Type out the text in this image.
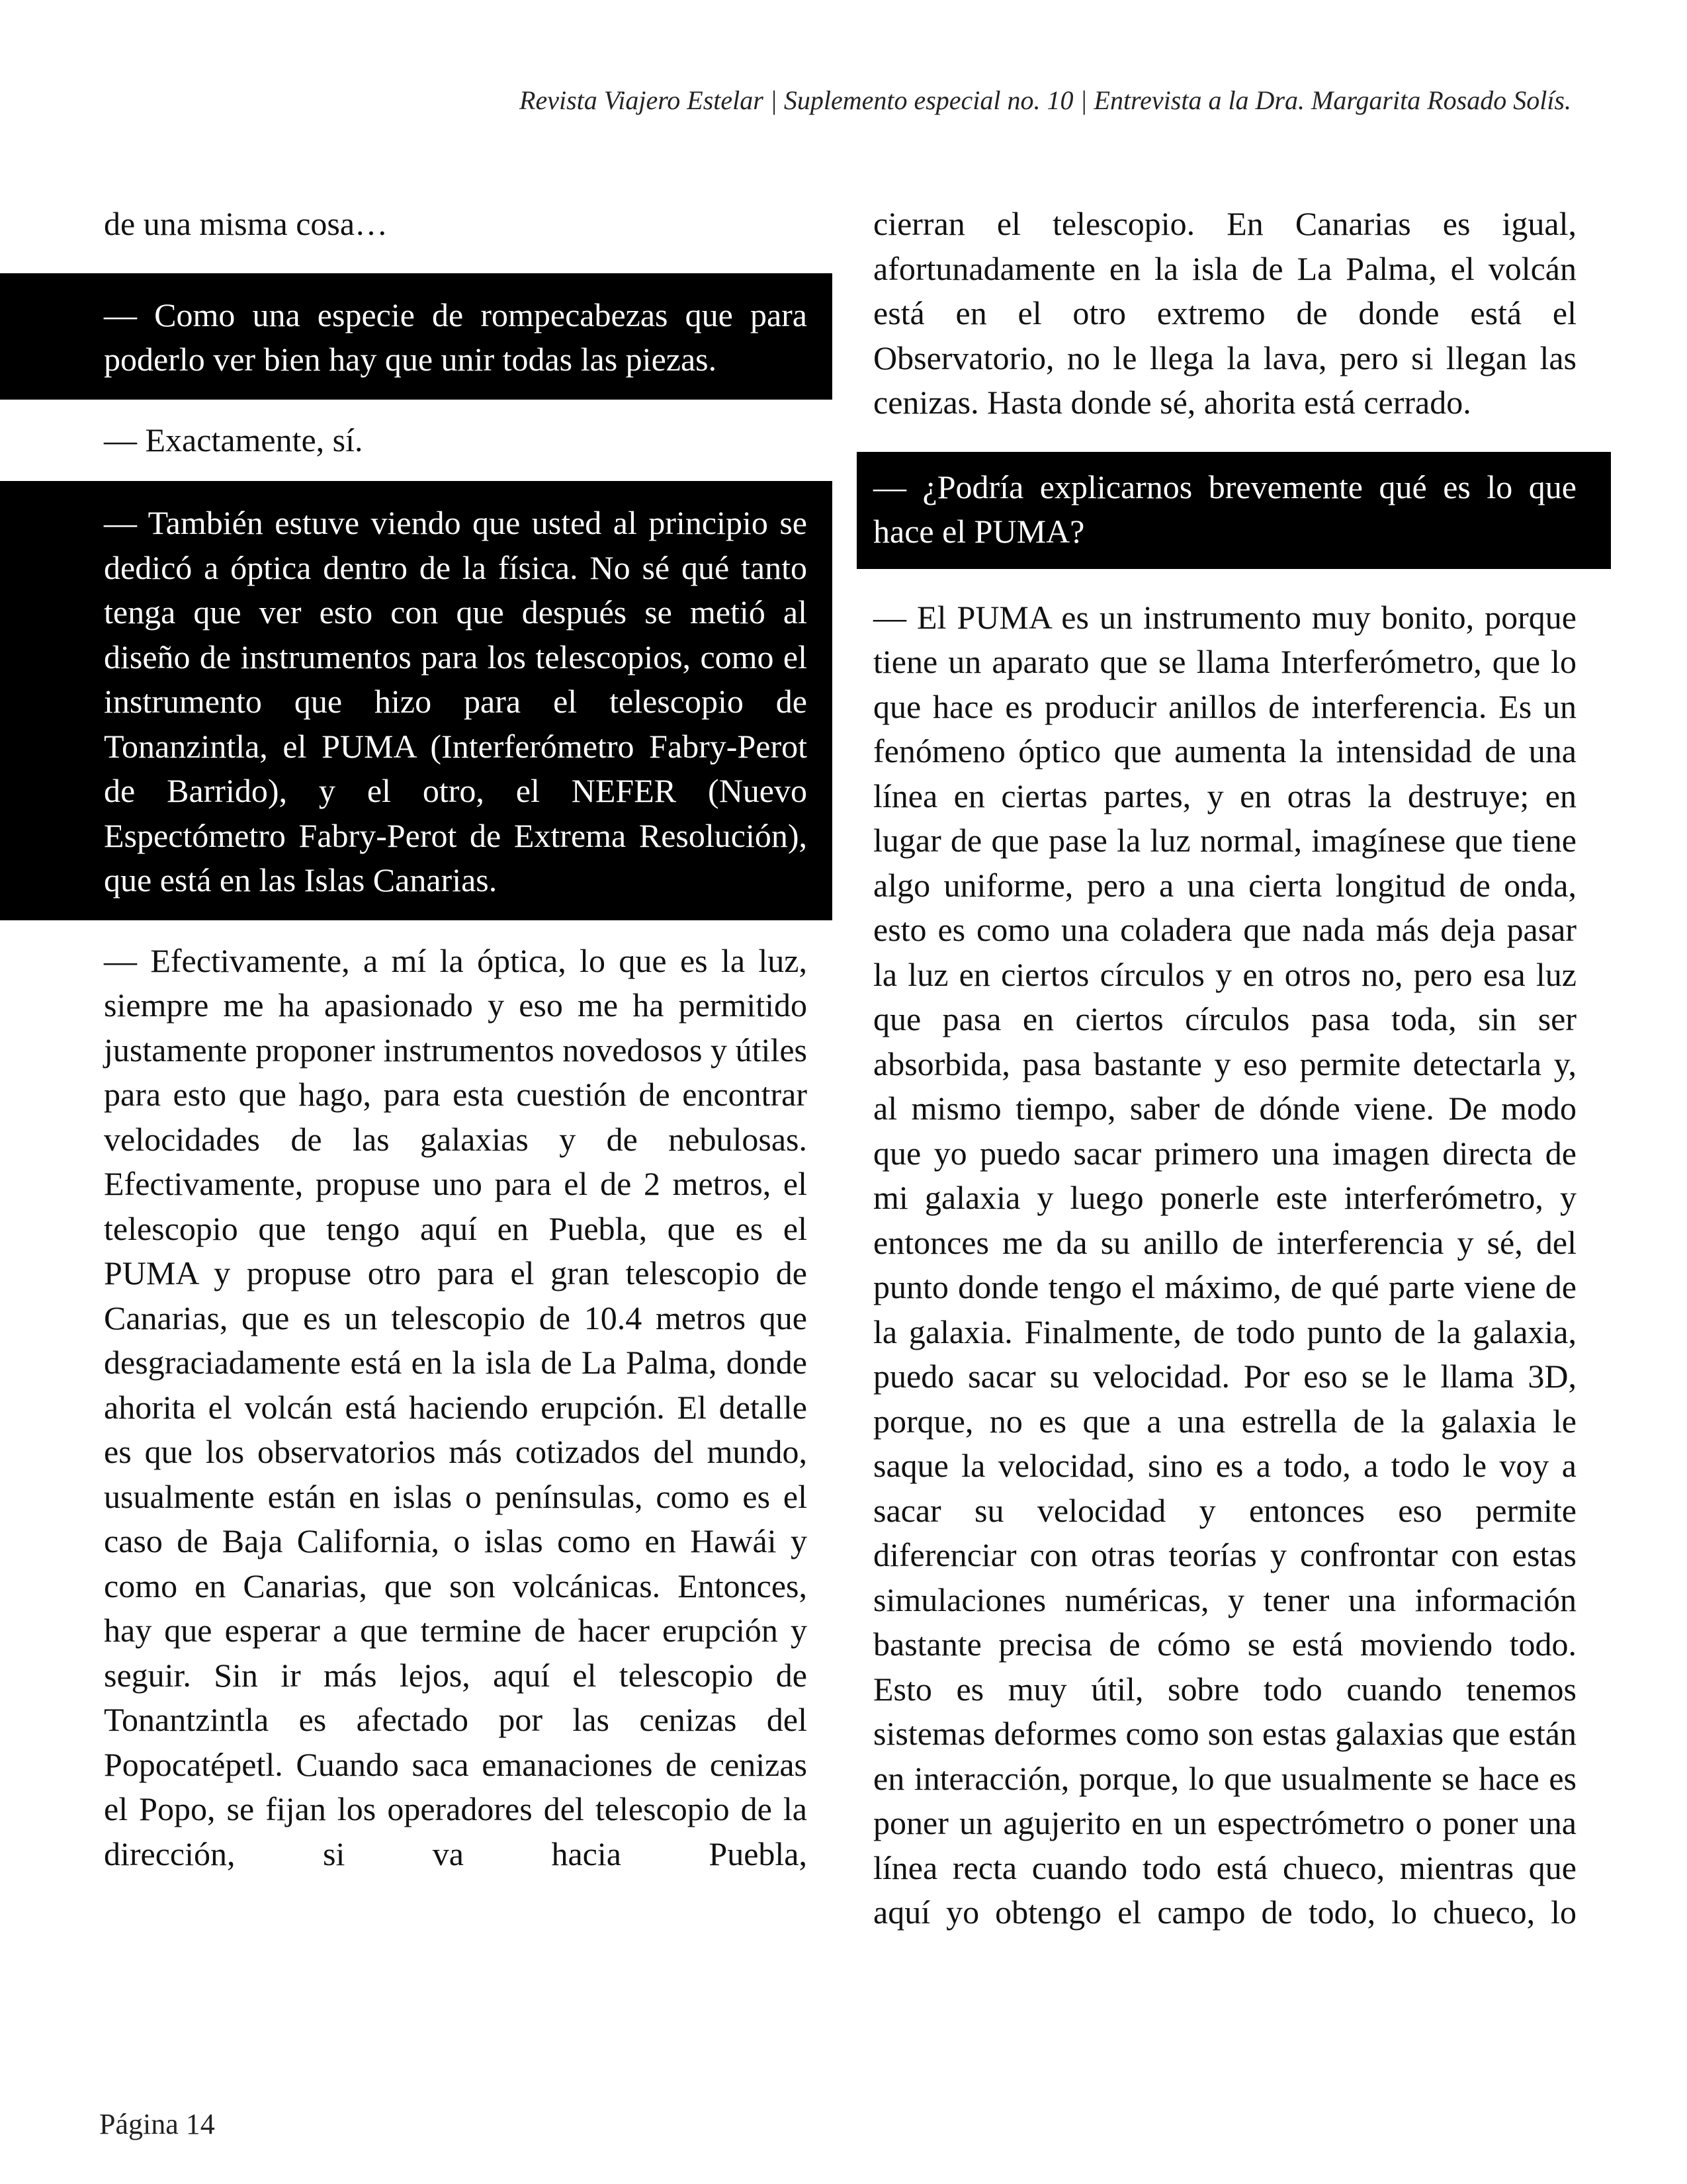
Revista Viajero Estelar | Suplemento especial no. 10 | Entrevista a la Dra. Margarita Rosado Solís.

de una misma cosa…

— Como una especie de rompecabezas que para poderlo ver bien hay que unir todas las piezas.

— Exactamente, sí.

— También estuve viendo que usted al principio se dedicó a óptica dentro de la física. No sé qué tanto tenga que ver esto con que después se metió al diseño de instrumentos para los telescopios, como el instrumento que hizo para el telescopio de Tonanzintla, el PUMA (Interferómetro Fabry-Perot de Barrido), y el otro, el NEFER (Nuevo Espectómetro Fabry-Perot de Extrema Resolución), que está en las Islas Canarias.

— Efectivamente, a mí la óptica, lo que es la luz, siempre me ha apasionado y eso me ha permitido justamente proponer instrumentos novedosos y útiles para esto que hago, para esta cuestión de encontrar velocidades de las galaxias y de nebulosas. Efectivamente, propuse uno para el de 2 metros, el telescopio que tengo aquí en Puebla, que es el PUMA y propuse otro para el gran telescopio de Canarias, que es un telescopio de 10.4 metros que desgraciadamente está en la isla de La Palma, donde ahorita el volcán está haciendo erupción. El detalle es que los observatorios más cotizados del mundo, usualmente están en islas o penínsulas, como es el caso de Baja California, o islas como en Hawái y como en Canarias, que son volcánicas. Entonces, hay que esperar a que termine de hacer erupción y seguir. Sin ir más lejos, aquí el telescopio de Tonantzintla es afectado por las cenizas del Popocatépetl. Cuando saca emanaciones de cenizas el Popo, se fijan los operadores del telescopio de la dirección, si va hacia Puebla,

cierran el telescopio. En Canarias es igual, afortunadamente en la isla de La Palma, el volcán está en el otro extremo de donde está el Observatorio, no le llega la lava, pero si llegan las cenizas. Hasta donde sé, ahorita está cerrado.

— ¿Podría explicarnos brevemente qué es lo que hace el PUMA?

— El PUMA es un instrumento muy bonito, porque tiene un aparato que se llama Interferómetro, que lo que hace es producir anillos de interferencia. Es un fenómeno óptico que aumenta la intensidad de una línea en ciertas partes, y en otras la destruye; en lugar de que pase la luz normal, imagínese que tiene algo uniforme, pero a una cierta longitud de onda, esto es como una coladera que nada más deja pasar la luz en ciertos círculos y en otros no, pero esa luz que pasa en ciertos círculos pasa toda, sin ser absorbida, pasa bastante y eso permite detectarla y, al mismo tiempo, saber de dónde viene. De modo que yo puedo sacar primero una imagen directa de mi galaxia y luego ponerle este interferómetro, y entonces me da su anillo de interferencia y sé, del punto donde tengo el máximo, de qué parte viene de la galaxia. Finalmente, de todo punto de la galaxia, puedo sacar su velocidad. Por eso se le llama 3D, porque, no es que a una estrella de la galaxia le saque la velocidad, sino es a todo, a todo le voy a sacar su velocidad y entonces eso permite diferenciar con otras teorías y confrontar con estas simulaciones numéricas, y tener una información bastante precisa de cómo se está moviendo todo. Esto es muy útil, sobre todo cuando tenemos sistemas deformes como son estas galaxias que están en interacción, porque, lo que usualmente se hace es poner un agujerito en un espectrómetro o poner una línea recta cuando todo está chueco, mientras que aquí yo obtengo el campo de todo, lo chueco, lo

Página 14
